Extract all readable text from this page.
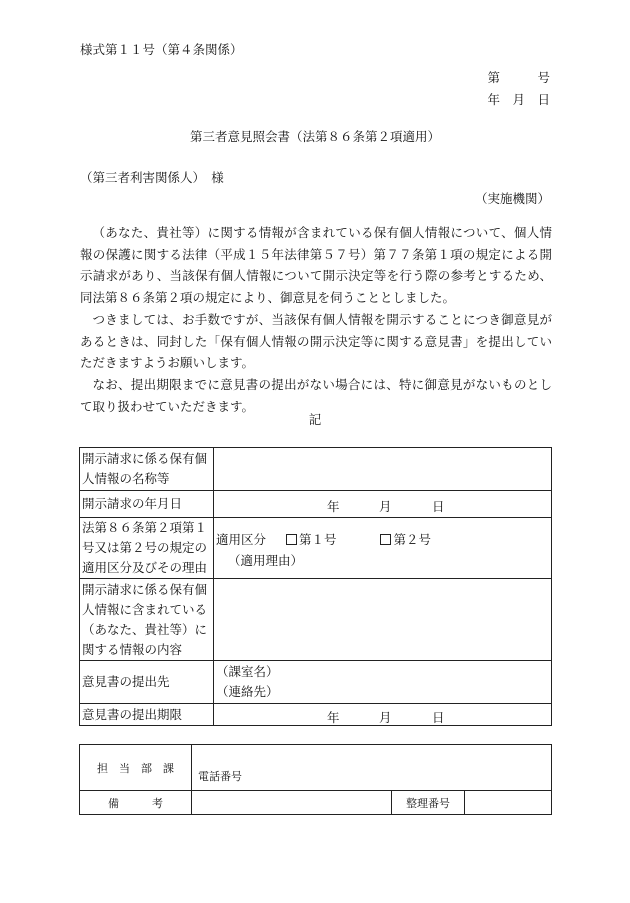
様式第１１号（第４条関係）
第　　　号
年　月　日
第三者意見照会書（法第８６条第２項適用）
（第三者利害関係人）　様
（実施機関）
（あなた、貴社等）に関する情報が含まれている保有個人情報について、個人情報の保護に関する法律（平成１５年法律第５７号）第７７条第１項の規定による開示請求があり、当該保有個人情報について開示決定等を行う際の参考とするため、同法第８６条第２項の規定により、御意見を伺うこととしました。
つきましては、お手数ですが、当該保有個人情報を開示することにつき御意見があるときは、同封した「保有個人情報の開示決定等に関する意見書」を提出していただきますようお願いします。
なお、提出期限までに意見書の提出がない場合には、特に御意見がないものとして取り扱わせていただきます。
記
開示請求に係る保有個人情報の名称等	
開示請求の年月日	年 月 日

法第８６条第２項第１号又は第２号の規定の適用区分及びその理由	適用区分 第１号 第２号
（適用理由）

開示請求に係る保有個人情報に含まれている（あなた、貴社等）に関する情報の内容	
意見書の提出先	（課室名）
（連絡先）

意見書の提出期限	年 月 日
担　当　部　課	電話番号		
備　　　考		整理番号	
